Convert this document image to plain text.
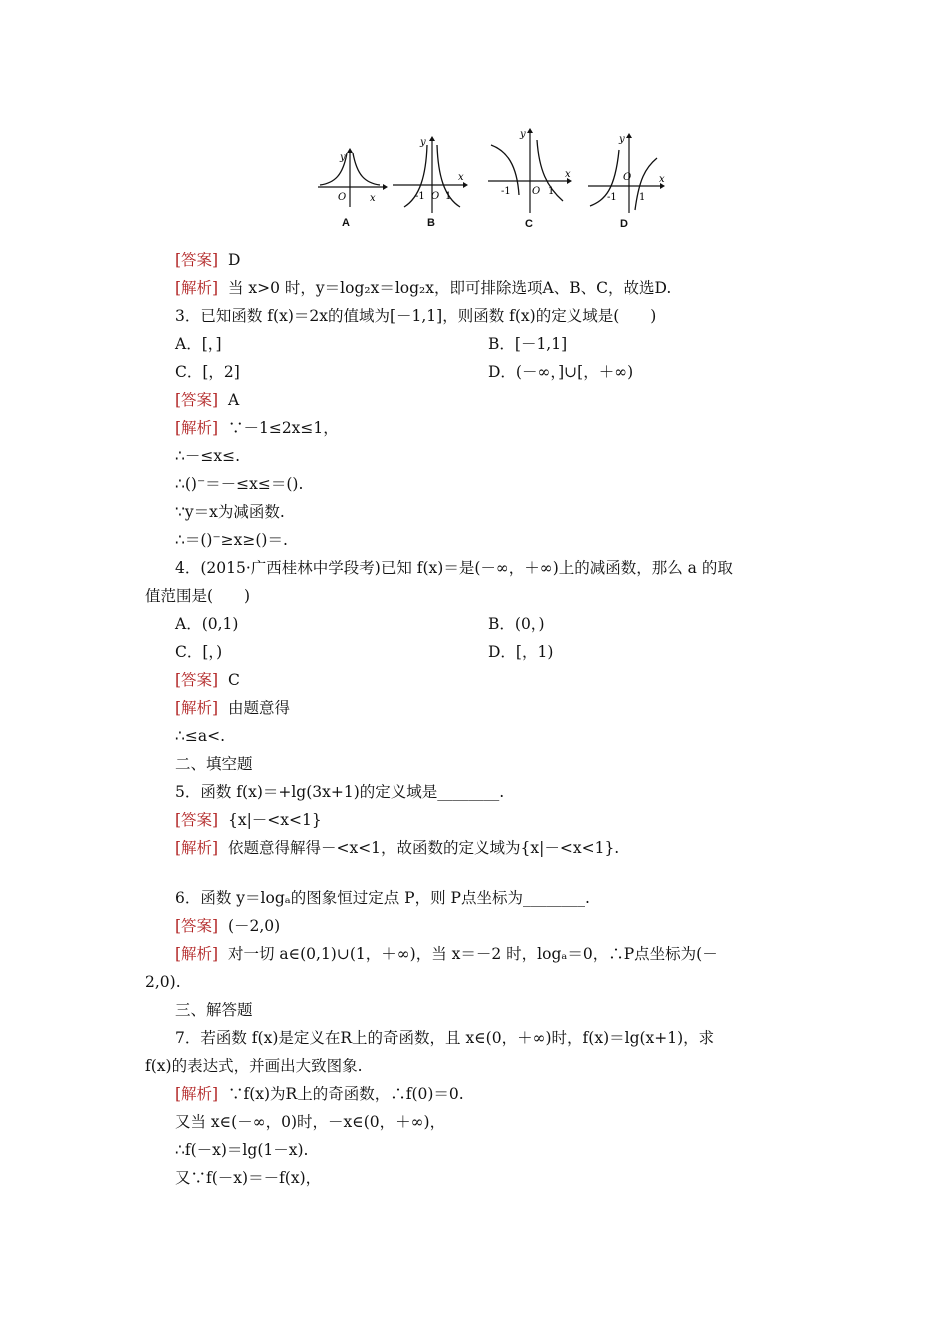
y
O x
A
y
-1 O 1
x
B
y
-1 O 1
x
C
y
-1
O
1
x
D
[答案] D
[解析] 当 x>0 时，y＝log₂x＝log₂x，即可排除选项A、B、C，故选D.
3．已知函数 f(x)＝2x的值域为[－1,1]，则函数 f(x)的定义域是(　　)
A．[，]	B．[－1,1]
C．[，2]	D．(－∞，]∪[，＋∞)
[答案] A
[解析] ∵－1≤2x≤1，
∴－≤x≤.
∴()⁻＝－≤x≤＝().
∵y＝x为减函数.
∴＝()⁻≥x≥()＝.
4．(2015·广西桂林中学段考)已知 f(x)＝是(－∞，＋∞)上的减函数，那么 a 的取
值范围是(　　)
A．(0,1)	B．(0，)
C．[，)	D．[，1)
[答案] C
[解析] 由题意得
∴≤a<.
二、填空题
5．函数 f(x)＝+lg(3x+1)的定义域是________.
[答案] {x|－<x<1}
[解析] 依题意得解得－<x<1，故函数的定义域为{x|－<x<1}.
6．函数 y＝logₐ的图象恒过定点 P，则 P点坐标为________.
[答案] (－2,0)
[解析] 对一切 a∈(0,1)∪(1，＋∞)，当 x＝－2 时，logₐ＝0，∴P点坐标为(－
2,0).
三、解答题
7．若函数 f(x)是定义在R上的奇函数，且 x∈(0，＋∞)时，f(x)＝lg(x+1)，求
f(x)的表达式，并画出大致图象.
[解析] ∵f(x)为R上的奇函数，∴f(0)＝0.
又当 x∈(－∞，0)时，－x∈(0，＋∞)，
∴f(－x)＝lg(1－x).
又∵f(－x)＝－f(x)，
